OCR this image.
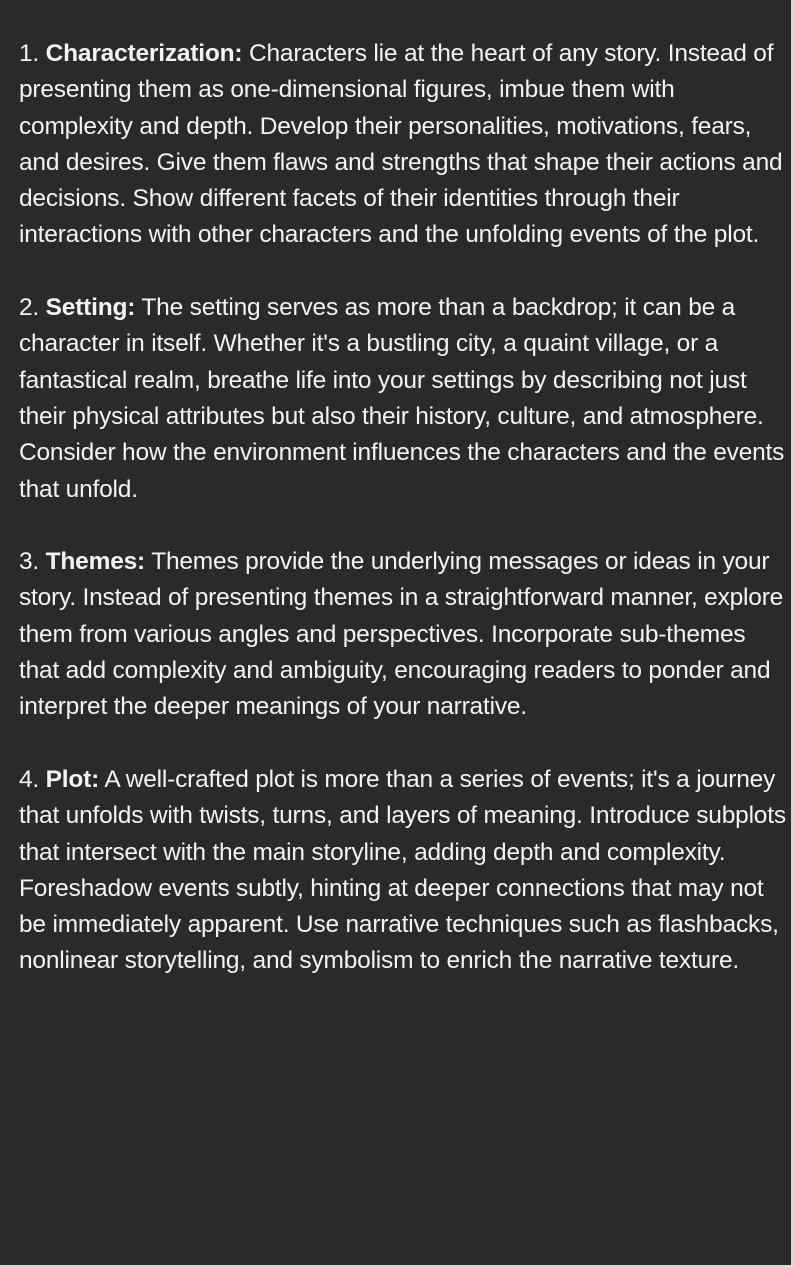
1. Characterization: Characters lie at the heart of any story. Instead of presenting them as one-dimensional figures, imbue them with complexity and depth. Develop their personalities, motivations, fears, and desires. Give them flaws and strengths that shape their actions and decisions. Show different facets of their identities through their interactions with other characters and the unfolding events of the plot.

2. Setting: The setting serves as more than a backdrop; it can be a character in itself. Whether it's a bustling city, a quaint village, or a fantastical realm, breathe life into your settings by describing not just their physical attributes but also their history, culture, and atmosphere. Consider how the environment influences the characters and the events that unfold.

3. Themes: Themes provide the underlying messages or ideas in your story. Instead of presenting themes in a straightforward manner, explore them from various angles and perspectives. Incorporate sub-themes that add complexity and ambiguity, encouraging readers to ponder and interpret the deeper meanings of your narrative.

4. Plot: A well-crafted plot is more than a series of events; it's a journey that unfolds with twists, turns, and layers of meaning. Introduce subplots that intersect with the main storyline, adding depth and complexity. Foreshadow events subtly, hinting at deeper connections that may not be immediately apparent. Use narrative techniques such as flashbacks, nonlinear storytelling, and symbolism to enrich the narrative texture.
